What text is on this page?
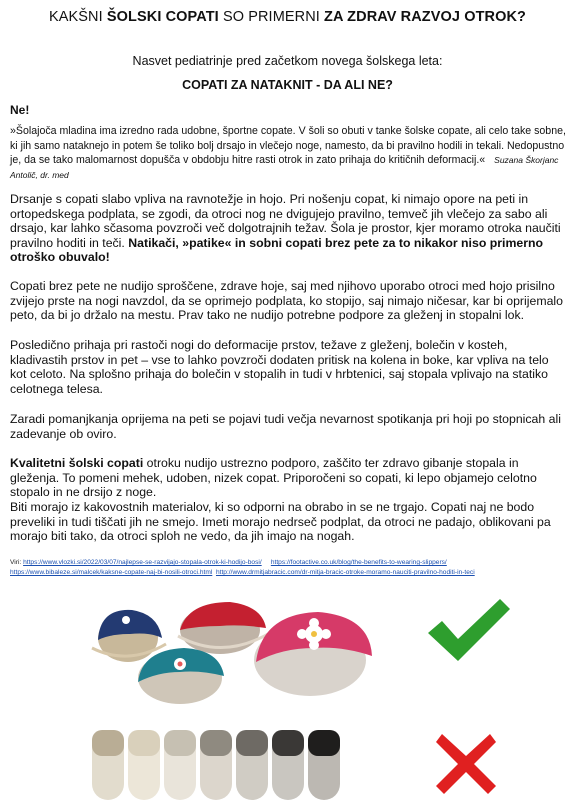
KAKŠNI ŠOLSKI COPATI SO PRIMERNI ZA ZDRAV RAZVOJ OTROK?
Nasvet pediatrinje pred začetkom novega šolskega leta:
COPATI ZA NATAKNIT - DA ALI NE?
Ne!
»Šolajoča mladina ima izredno rada udobne, športne copate. V šoli so obuti v tanke šolske copate, ali celo take sobne, ki jih samo nataknejo in potem še toliko bolj drsajo in vlečejo noge, namesto, da bi pravilno hodili in tekali. Nedopustno je, da se tako malomarnost dopušča v obdobju hitre rasti otrok in zato prihaja do kritičnih deformacij.« Suzana Škorjanc Antolič, dr. med
Drsanje s copati slabo vpliva na ravnotežje in hojo. Pri nošenju copat, ki nimajo opore na peti in ortopedskega podplata, se zgodi, da otroci nog ne dvigujejo pravilno, temveč jih vlečejo za sabo ali drsajo, kar lahko sčasoma povzroči več dolgotrajnih težav. Šola je prostor, kjer moramo otroka naučiti pravilno hoditi in teči. Natikači, »patike« in sobni copati brez pete za to nikakor niso primerno otroško obuvalo!
Copati brez pete ne nudijo sproščene, zdrave hoje, saj med njihovo uporabo otroci med hojo prisilno zvijejo prste na nogi navzdol, da se oprimejo podplata, ko stopijo, saj nimajo ničesar, kar bi oprijemalo peto, da bi jo držalo na mestu. Prav tako ne nudijo potrebne podpore za gleženj in stopalni lok.
Posledično prihaja pri rastoči nogi do deformacije prstov, težave z gleženj, bolečin v kosteh, kladivastih prstov in pet – vse to lahko povzroči dodaten pritisk na kolena in boke, kar vpliva na telo kot celoto. Na splošno prihaja do bolečin v stopalih in tudi v hrbtenici, saj stopala vplivajo na statiko celotnega telesa.
Zaradi pomanjkanja oprijema na peti se pojavi tudi večja nevarnost spotikanja pri hoji po stopnicah ali zadevanje ob oviro.
Kvalitetni šolski copati otroku nudijo ustrezno podporo, zaščito ter zdravo gibanje stopala in gleženja. To pomeni mehek, udoben, nizek copat. Priporočeni so copati, ki lepo objamejo celotno stopalo in ne drsijo z noge.
Biti morajo iz kakovostnih materialov, ki so odporni na obrabo in se ne trgajo. Copati naj ne bodo preveliki in tudi tiščati jih ne smejo. Imeti morajo nedrseč podplat, da otroci ne padajo, oblikovani pa morajo biti tako, da otroci sploh ne vedo, da jih imajo na nogah.
Viri: https://www.vlozki.si/2022/03/07/najlepse-se-razvijajo-stopala-otrok-ki-hodijo-bosi/ https://footactive.co.uk/blog/the-benefits-to-wearing-slippers/
https://www.bibaleze.si/malcek/kaksne-copate-naj-bi-nosili-otroci.html http://www.drmitjabracic.com/dr-mitja-bracic-otroke-moramo-nauciti-pravilno-hoditi-in-teci
